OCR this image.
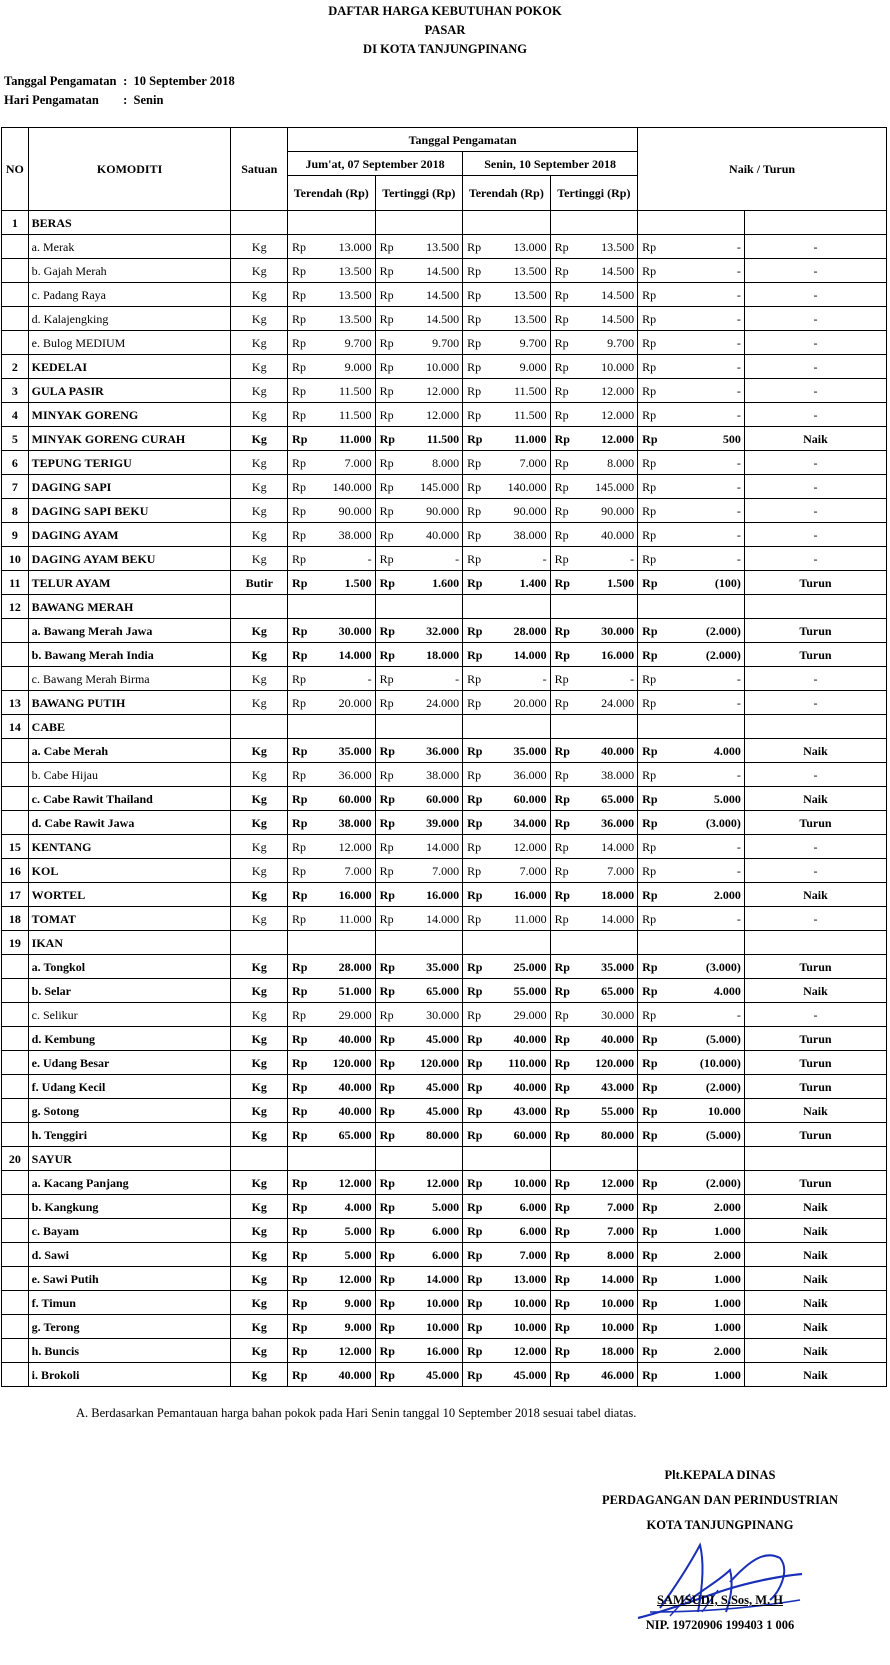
DAFTAR HARGA KEBUTUHAN POKOK
PASAR
DI KOTA TANJUNGPINANG
Tanggal Pengamatan :  10 September 2018
Hari Pengamatan :  Senin
NO	KOMODITI	Satuan	Tanggal Pengamatan								Naik / Turun		
			Jum'at, 07 September 2018				Senin, 10 September 2018						
			Terendah (Rp)		Tertinggi (Rp)		Terendah (Rp)		Tertinggi (Rp)				
1	BERAS												
	a. Merak	Kg	Rp	13.000	Rp	13.500	Rp	13.000	Rp	13.500	Rp	-	-
	b. Gajah Merah	Kg	Rp	13.500	Rp	14.500	Rp	13.500	Rp	14.500	Rp	-	-
	c. Padang Raya	Kg	Rp	13.500	Rp	14.500	Rp	13.500	Rp	14.500	Rp	-	-
	d. Kalajengking	Kg	Rp	13.500	Rp	14.500	Rp	13.500	Rp	14.500	Rp	-	-
	e. Bulog MEDIUM	Kg	Rp	9.700	Rp	9.700	Rp	9.700	Rp	9.700	Rp	-	-
2	KEDELAI	Kg	Rp	9.000	Rp	10.000	Rp	9.000	Rp	10.000	Rp	-	-
3	GULA PASIR	Kg	Rp	11.500	Rp	12.000	Rp	11.500	Rp	12.000	Rp	-	-
4	MINYAK GORENG	Kg	Rp	11.500	Rp	12.000	Rp	11.500	Rp	12.000	Rp	-	-
5	MINYAK GORENG CURAH	Kg	Rp	11.000	Rp	11.500	Rp	11.000	Rp	12.000	Rp	500	Naik
6	TEPUNG TERIGU	Kg	Rp	7.000	Rp	8.000	Rp	7.000	Rp	8.000	Rp	-	-
7	DAGING SAPI	Kg	Rp	140.000	Rp	145.000	Rp	140.000	Rp	145.000	Rp	-	-
8	DAGING SAPI BEKU	Kg	Rp	90.000	Rp	90.000	Rp	90.000	Rp	90.000	Rp	-	-
9	DAGING AYAM	Kg	Rp	38.000	Rp	40.000	Rp	38.000	Rp	40.000	Rp	-	-
10	DAGING AYAM BEKU	Kg	Rp	-	Rp	-	Rp	-	Rp	-	Rp	-	-
11	TELUR AYAM	Butir	Rp	1.500	Rp	1.600	Rp	1.400	Rp	1.500	Rp	(100)	Turun
12	BAWANG MERAH												
	a. Bawang Merah Jawa	Kg	Rp	30.000	Rp	32.000	Rp	28.000	Rp	30.000	Rp	(2.000)	Turun
	b. Bawang Merah India	Kg	Rp	14.000	Rp	18.000	Rp	14.000	Rp	16.000	Rp	(2.000)	Turun
	c. Bawang Merah Birma	Kg	Rp	-	Rp	-	Rp	-	Rp	-	Rp	-	-
13	BAWANG PUTIH	Kg	Rp	20.000	Rp	24.000	Rp	20.000	Rp	24.000	Rp	-	-
14	CABE												
	a. Cabe Merah	Kg	Rp	35.000	Rp	36.000	Rp	35.000	Rp	40.000	Rp	4.000	Naik
	b. Cabe Hijau	Kg	Rp	36.000	Rp	38.000	Rp	36.000	Rp	38.000	Rp	-	-
	c. Cabe Rawit Thailand	Kg	Rp	60.000	Rp	60.000	Rp	60.000	Rp	65.000	Rp	5.000	Naik
	d. Cabe Rawit Jawa	Kg	Rp	38.000	Rp	39.000	Rp	34.000	Rp	36.000	Rp	(3.000)	Turun
15	KENTANG	Kg	Rp	12.000	Rp	14.000	Rp	12.000	Rp	14.000	Rp	-	-
16	KOL	Kg	Rp	7.000	Rp	7.000	Rp	7.000	Rp	7.000	Rp	-	-
17	WORTEL	Kg	Rp	16.000	Rp	16.000	Rp	16.000	Rp	18.000	Rp	2.000	Naik
18	TOMAT	Kg	Rp	11.000	Rp	14.000	Rp	11.000	Rp	14.000	Rp	-	-
19	IKAN												
	a. Tongkol	Kg	Rp	28.000	Rp	35.000	Rp	25.000	Rp	35.000	Rp	(3.000)	Turun
	b. Selar	Kg	Rp	51.000	Rp	65.000	Rp	55.000	Rp	65.000	Rp	4.000	Naik
	c. Selikur	Kg	Rp	29.000	Rp	30.000	Rp	29.000	Rp	30.000	Rp	-	-
	d. Kembung	Kg	Rp	40.000	Rp	45.000	Rp	40.000	Rp	40.000	Rp	(5.000)	Turun
	e. Udang Besar	Kg	Rp	120.000	Rp	120.000	Rp	110.000	Rp	120.000	Rp	(10.000)	Turun
	f. Udang Kecil	Kg	Rp	40.000	Rp	45.000	Rp	40.000	Rp	43.000	Rp	(2.000)	Turun
	g. Sotong	Kg	Rp	40.000	Rp	45.000	Rp	43.000	Rp	55.000	Rp	10.000	Naik
	h. Tenggiri	Kg	Rp	65.000	Rp	80.000	Rp	60.000	Rp	80.000	Rp	(5.000)	Turun
20	SAYUR												
	a. Kacang Panjang	Kg	Rp	12.000	Rp	12.000	Rp	10.000	Rp	12.000	Rp	(2.000)	Turun
	b. Kangkung	Kg	Rp	4.000	Rp	5.000	Rp	6.000	Rp	7.000	Rp	2.000	Naik
	c. Bayam	Kg	Rp	5.000	Rp	6.000	Rp	6.000	Rp	7.000	Rp	1.000	Naik
	d. Sawi	Kg	Rp	5.000	Rp	6.000	Rp	7.000	Rp	8.000	Rp	2.000	Naik
	e. Sawi Putih	Kg	Rp	12.000	Rp	14.000	Rp	13.000	Rp	14.000	Rp	1.000	Naik
	f. Timun	Kg	Rp	9.000	Rp	10.000	Rp	10.000	Rp	10.000	Rp	1.000	Naik
	g. Terong	Kg	Rp	9.000	Rp	10.000	Rp	10.000	Rp	10.000	Rp	1.000	Naik
	h. Buncis	Kg	Rp	12.000	Rp	16.000	Rp	12.000	Rp	18.000	Rp	2.000	Naik
	i. Brokoli	Kg	Rp	40.000	Rp	45.000	Rp	45.000	Rp	46.000	Rp	1.000	Naik
A. Berdasarkan Pemantauan harga bahan pokok pada Hari Senin tanggal 10 September 2018 sesuai tabel diatas.
Plt.KEPALA DINAS
PERDAGANGAN DAN PERINDUSTRIAN
KOTA TANJUNGPINANG
SAMSUDI, S.Sos, M. H
NIP. 19720906 199403 1 006
